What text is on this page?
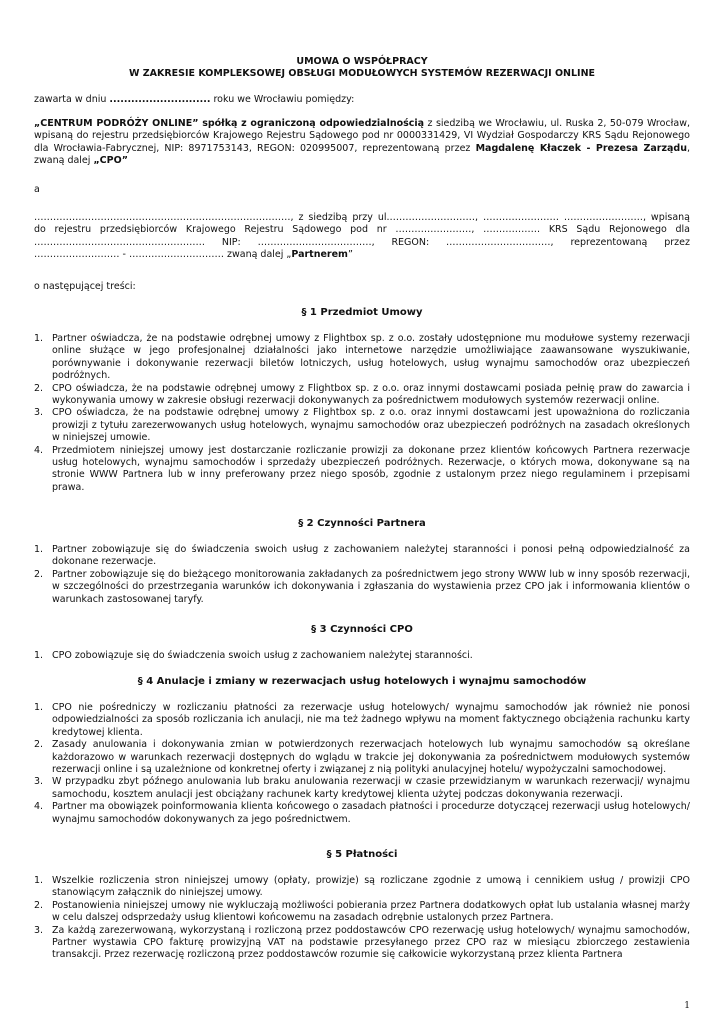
UMOWA O WSPÓŁPRACY
W ZAKRESIE KOMPLEKSOWEJ OBSŁUGI MODUŁOWYCH SYSTEMÓW REZERWACJI ONLINE
zawarta w dniu ............................ roku we Wrocławiu pomiędzy:
„CENTRUM PODRÓŻY ONLINE” spółką z ograniczoną odpowiedzialnością z siedzibą we Wrocławiu, ul. Ruska 2, 50-079 Wrocław, wpisaną do rejestru przedsiębiorców Krajowego Rejestru Sądowego pod nr 0000331429, VI Wydział Gospodarczy KRS Sądu Rejonowego dla Wrocławia-Fabrycznej, NIP: 8971753143, REGON: 020995007, reprezentowaną przez Magdalenę Kłaczek - Prezesa Zarządu, zwaną dalej „CPO”
a
………………………………………………………………………, z siedzibą przy ul.………………………, …………………… ……………………., wpisaną do rejestru przedsiębiorców Krajowego Rejestru Sądowego pod nr ……………………, ……………… KRS Sądu Rejonowego dla ……………………………………………… NIP: ………………………………, REGON: ……………………………, reprezentowaną przez ……………………… - ………………………… zwaną dalej „Partnerem”
o następującej treści:
§ 1 Przedmiot Umowy
1. Partner oświadcza, że na podstawie odrębnej umowy z Flightbox sp. z o.o. zostały udostępnione mu modułowe systemy rezerwacji online służące w jego profesjonalnej działalności jako internetowe narzędzie umożliwiające zaawansowane wyszukiwanie, porównywanie i dokonywanie rezerwacji biletów lotniczych, usług hotelowych, usług wynajmu samochodów oraz ubezpieczeń podróżnych.
2. CPO oświadcza, że na podstawie odrębnej umowy z Flightbox sp. z o.o. oraz innymi dostawcami posiada pełnię praw do zawarcia i wykonywania umowy w zakresie obsługi rezerwacji dokonywanych za pośrednictwem modułowych systemów rezerwacji online.
3. CPO oświadcza, że na podstawie odrębnej umowy z Flightbox sp. z o.o. oraz innymi dostawcami jest upoważniona do rozliczania prowizji z tytułu zarezerwowanych usług hotelowych, wynajmu samochodów oraz ubezpieczeń podróżnych na zasadach określonych w niniejszej umowie.
4. Przedmiotem niniejszej umowy jest dostarczanie rozliczanie prowizji za dokonane przez klientów końcowych Partnera rezerwacje usług hotelowych, wynajmu samochodów i sprzedaży ubezpieczeń podróżnych. Rezerwacje, o których mowa, dokonywane są na stronie WWW Partnera lub w inny preferowany przez niego sposób, zgodnie z ustalonym przez niego regulaminem i przepisami prawa.
§ 2 Czynności Partnera
1. Partner zobowiązuje się do świadczenia swoich usług z zachowaniem należytej staranności i ponosi pełną odpowiedzialność za dokonane rezerwacje.
2. Partner zobowiązuje się do bieżącego monitorowania zakładanych za pośrednictwem jego strony WWW lub w inny sposób rezerwacji, w szczególności do przestrzegania warunków ich dokonywania i zgłaszania do wystawienia przez CPO jak i informowania klientów o warunkach zastosowanej taryfy.
§ 3 Czynności CPO
1. CPO zobowiązuje się do świadczenia swoich usług z zachowaniem należytej staranności.
§ 4 Anulacje i zmiany w rezerwacjach usług hotelowych i wynajmu samochodów
1. CPO nie pośredniczy w rozliczaniu płatności za rezerwacje usług hotelowych/ wynajmu samochodów jak również nie ponosi odpowiedzialności za sposób rozliczania ich anulacji, nie ma też żadnego wpływu na moment faktycznego obciążenia rachunku karty kredytowej klienta.
2. Zasady anulowania i dokonywania zmian w potwierdzonych rezerwacjach hotelowych lub wynajmu samochodów są określane każdorazowo w warunkach rezerwacji dostępnych do wglądu w trakcie jej dokonywania za pośrednictwem modułowych systemów rezerwacji online i są uzależnione od konkretnej oferty i związanej z nią polityki anulacyjnej hotelu/ wypożyczalni samochodowej.
3. W przypadku zbyt późnego anulowania lub braku anulowania rezerwacji w czasie przewidzianym w warunkach rezerwacji/ wynajmu samochodu, kosztem anulacji jest obciążany rachunek karty kredytowej klienta użytej podczas dokonywania rezerwacji.
4. Partner ma obowiązek poinformowania klienta końcowego o zasadach płatności i procedurze dotyczącej rezerwacji usług hotelowych/ wynajmu samochodów dokonywanych za jego pośrednictwem.
§ 5 Płatności
1. Wszelkie rozliczenia stron niniejszej umowy (opłaty, prowizje) są rozliczane zgodnie z umową i cennikiem usług / prowizji CPO stanowiącym załącznik do niniejszej umowy.
2. Postanowienia niniejszej umowy nie wykluczają możliwości pobierania przez Partnera dodatkowych opłat lub ustalania własnej marży w celu dalszej odsprzedaży usług klientowi końcowemu na zasadach odrębnie ustalonych przez Partnera.
3. Za każdą zarezerwowaną, wykorzystaną i rozliczoną przez poddostawców CPO rezerwację usług hotelowych/ wynajmu samochodów, Partner wystawia CPO fakturę prowizyjną VAT na podstawie przesyłanego przez CPO raz w miesiącu zbiorczego zestawienia transakcji. Przez rezerwację rozliczoną przez poddostawców rozumie się całkowicie wykorzystaną przez klienta Partnera
1
